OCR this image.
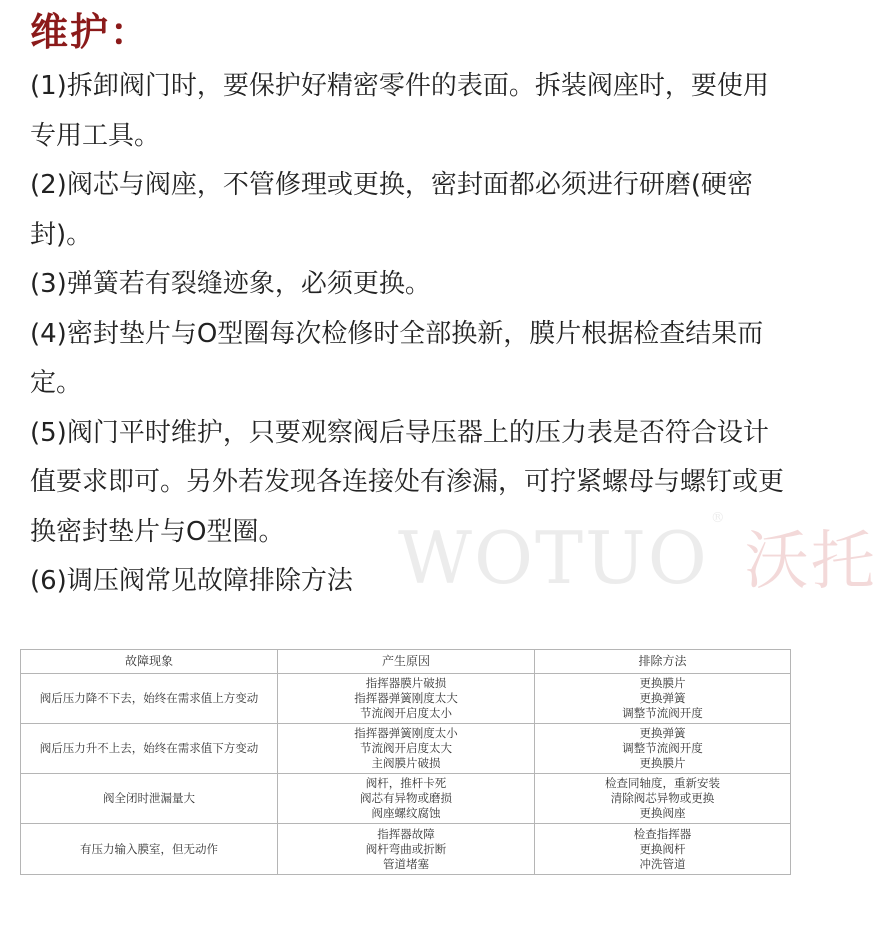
维护：

(1)拆卸阀门时，要保护好精密零件的表面。拆装阀座时，要使用专用工具。

(2)阀芯与阀座，不管修理或更换，密封面都必须进行研磨(硬密封)。

(3)弹簧若有裂缝迹象，必须更换。

(4)密封垫片与O型圈每次检修时全部换新，膜片根据检查结果而定。

(5)阀门平时维护，只要观察阀后导压器上的压力表是否符合设计值要求即可。另外若发现各连接处有渗漏，可拧紧螺母与螺钉或更换密封垫片与O型圈。

(6)调压阀常见故障排除方法 WOTUO ®沃托
故障现象	产生原因	排除方法
阀后压力降不下去，始终在需求值上方变动	指挥器膜片破损
指挥器弹簧刚度太大
节流阀开启度太小	更换膜片
更换弹簧
调整节流阀开度

阀后压力升不上去，始终在需求值下方变动	指挥器弹簧刚度太小
节流阀开启度太大
主阀膜片破损	更换弹簧
调整节流阀开度
更换膜片

阀全闭时泄漏量大	阀杆，推杆卡死
阀芯有异物或磨损
阀座螺纹腐蚀	检查同轴度，重新安装
清除阀芯异物或更换
更换阀座

有压力输入膜室，但无动作	指挥器故障
阀杆弯曲或折断
管道堵塞	检查指挥器
更换阀杆
冲洗管道
